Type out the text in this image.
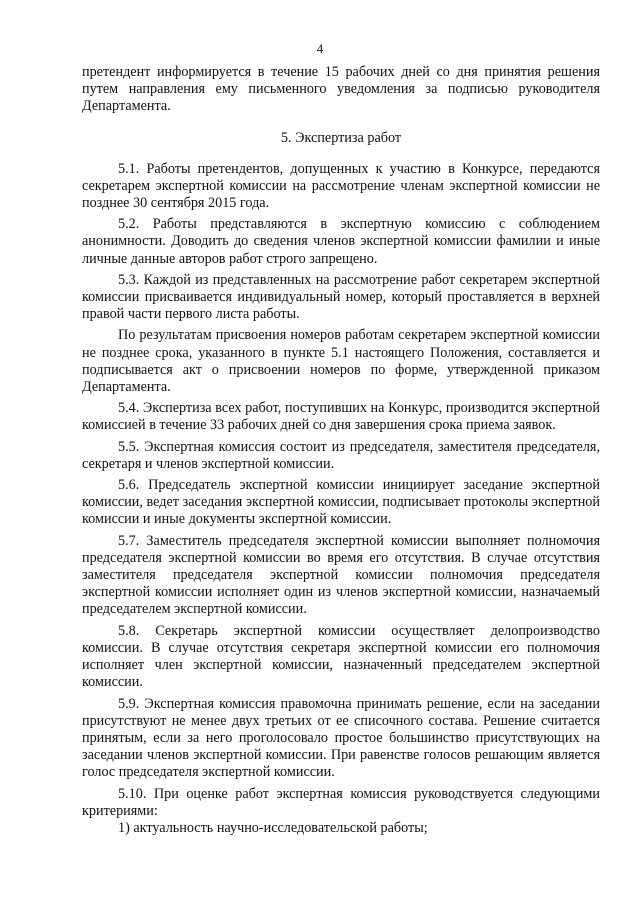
4

претендент информируется в течение 15 рабочих дней со дня принятия решения путем направления ему письменного уведомления за подписью руководителя Департамента.

5. Экспертиза работ

5.1. Работы претендентов, допущенных к участию в Конкурсе, передаются секретарем экспертной комиссии на рассмотрение членам экспертной комиссии не позднее 30 сентября 2015 года.

5.2. Работы представляются в экспертную комиссию с соблюдением анонимности. Доводить до сведения членов экспертной комиссии фамилии и иные личные данные авторов работ строго запрещено.

5.3. Каждой из представленных на рассмотрение работ секретарем экспертной комиссии присваивается индивидуальный номер, который проставляется в верхней правой части первого листа работы.

По результатам присвоения номеров работам секретарем экспертной комиссии не позднее срока, указанного в пункте 5.1 настоящего Положения, составляется и подписывается акт о присвоении номеров по форме, утвержденной приказом Департамента.

5.4. Экспертиза всех работ, поступивших на Конкурс, производится экспертной комиссией в течение 33 рабочих дней со дня завершения срока приема заявок.

5.5. Экспертная комиссия состоит из председателя, заместителя председателя, секретаря и членов экспертной комиссии.

5.6. Председатель экспертной комиссии инициирует заседание экспертной комиссии, ведет заседания экспертной комиссии, подписывает протоколы экспертной комиссии и иные документы экспертной комиссии.

5.7. Заместитель председателя экспертной комиссии выполняет полномочия председателя экспертной комиссии во время его отсутствия. В случае отсутствия заместителя председателя экспертной комиссии полномочия председателя экспертной комиссии исполняет один из членов экспертной комиссии, назначаемый председателем экспертной комиссии.

5.8. Секретарь экспертной комиссии осуществляет делопроизводство комиссии. В случае отсутствия секретаря экспертной комиссии его полномочия исполняет член экспертной комиссии, назначенный председателем экспертной комиссии.

5.9. Экспертная комиссия правомочна принимать решение, если на заседании присутствуют не менее двух третьих от ее списочного состава. Решение считается принятым, если за него проголосовало простое большинство присутствующих на заседании членов экспертной комиссии. При равенстве голосов решающим является голос председателя экспертной комиссии.

5.10. При оценке работ экспертная комиссия руководствуется следующими критериями:

1) актуальность научно-исследовательской работы;
